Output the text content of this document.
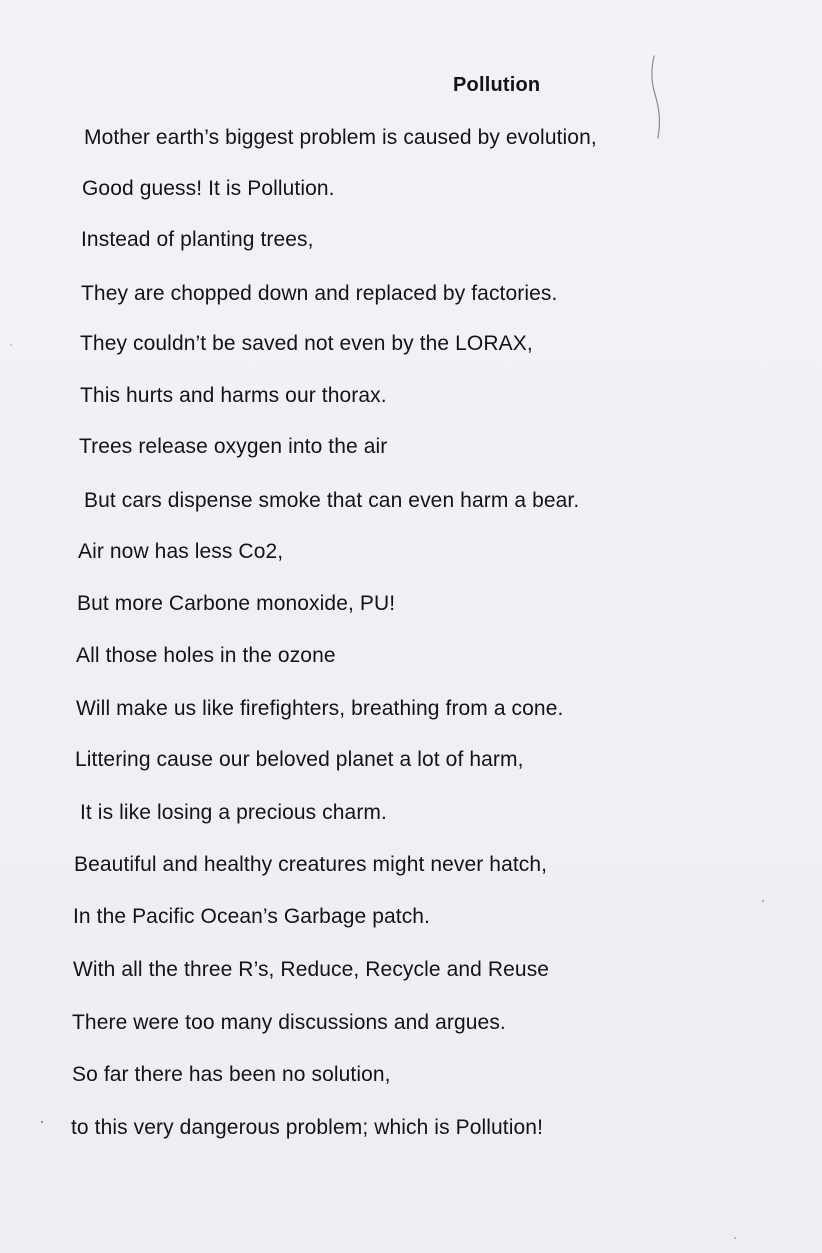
Pollution
Mother earth’s biggest problem is caused by evolution,
Good guess! It is Pollution.
Instead of planting trees,
They are chopped down and replaced by factories.
They couldn’t be saved not even by the LORAX,
This hurts and harms our thorax.
Trees release oxygen into the air
But cars dispense smoke that can even harm a bear.
Air now has less Co2,
But more Carbone monoxide, PU!
All those holes in the ozone
Will make us like firefighters, breathing from a cone.
Littering cause our beloved planet a lot of harm,
It is like losing a precious charm.
Beautiful and healthy creatures might never hatch,
In the Pacific Ocean’s Garbage patch.
With all the three R’s, Reduce, Recycle and Reuse
There were too many discussions and argues.
So far there has been no solution,
to this very dangerous problem; which is Pollution!
